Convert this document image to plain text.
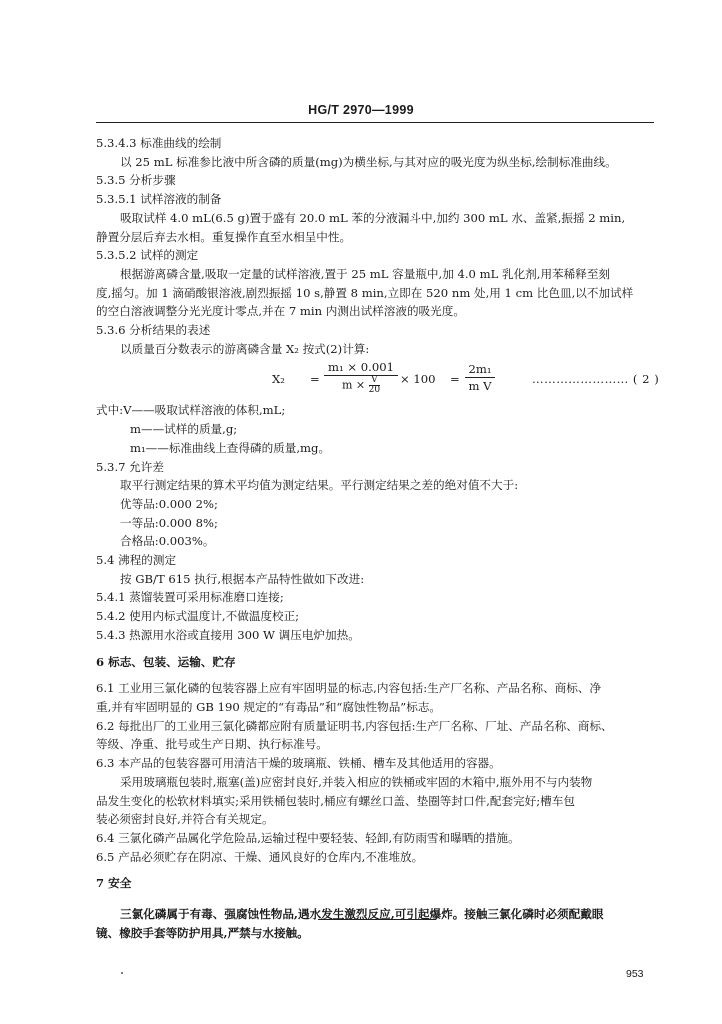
HG/T 2970—1999
5.3.4.3 标准曲线的绘制
以 25 mL 标准参比液中所含磷的质量(mg)为横坐标,与其对应的吸光度为纵坐标,绘制标准曲线。
5.3.5 分析步骤
5.3.5.1 试样溶液的制备
吸取试样 4.0 mL(6.5 g)置于盛有 20.0 mL 苯的分液漏斗中,加约 300 mL 水、盖紧,振摇 2 min,
静置分层后弃去水相。重复操作直至水相呈中性。
5.3.5.2 试样的测定
根据游离磷含量,吸取一定量的试样溶液,置于 25 mL 容量瓶中,加 4.0 mL 乳化剂,用苯稀释至刻
度,摇匀。加 1 滴硝酸银溶液,剧烈振摇 10 s,静置 8 min,立即在 520 nm 处,用 1 cm 比色皿,以不加试样
的空白溶液调整分光光度计零点,并在 7 min 内测出试样溶液的吸光度。
5.3.6 分析结果的表述
以质量百分数表示的游离磷含量 X₂ 按式(2)计算:
$X_2 = \frac{\text{m₁ × 0.001}}{m \times \frac{V}{20}} \times 100 = \frac{\text{2m₁}}{\text{m V}}$	…………………… ( 2 )
式中:V——吸取试样溶液的体积,mL;
m——试样的质量,g;
m₁——标准曲线上查得磷的质量,mg。
5.3.7 允许差
取平行测定结果的算术平均值为测定结果。平行测定结果之差的绝对值不大于:
优等品:0.000 2%;
一等品:0.000 8%;
合格品:0.003%。
5.4 沸程的测定
按 GB/T 615 执行,根据本产品特性做如下改进:
5.4.1 蒸馏装置可采用标准磨口连接;
5.4.2 使用内标式温度计,不做温度校正;
5.4.3 热源用水浴或直接用 300 W 调压电炉加热。
6 标志、包装、运输、贮存
6.1 工业用三氯化磷的包装容器上应有牢固明显的标志,内容包括:生产厂名称、产品名称、商标、净
重,并有牢固明显的 GB 190 规定的“有毒品”和“腐蚀性物品”标志。
6.2 每批出厂的工业用三氯化磷都应附有质量证明书,内容包括:生产厂名称、厂址、产品名称、商标、
等级、净重、批号或生产日期、执行标准号。
6.3 本产品的包装容器可用清洁干燥的玻璃瓶、铁桶、槽车及其他适用的容器。
采用玻璃瓶包装时,瓶塞(盖)应密封良好,并装入相应的铁桶或牢固的木箱中,瓶外用不与内装物
品发生变化的松软材料填实;采用铁桶包装时,桶应有螺丝口盖、垫圈等封口件,配套完好;槽车包
装必须密封良好,并符合有关规定。
6.4 三氯化磷产品属化学危险品,运输过程中要轻装、轻卸,有防雨雪和曝晒的措施。
6.5 产品必须贮存在阴凉、干燥、通风良好的仓库内,不准堆放。
7 安全
三氯化磷属于有毒、强腐蚀性物品,遇水发生激烈反应,可引起爆炸。接触三氯化磷时必须配戴眼
镜、橡胶手套等防护用具,严禁与水接触。
953
